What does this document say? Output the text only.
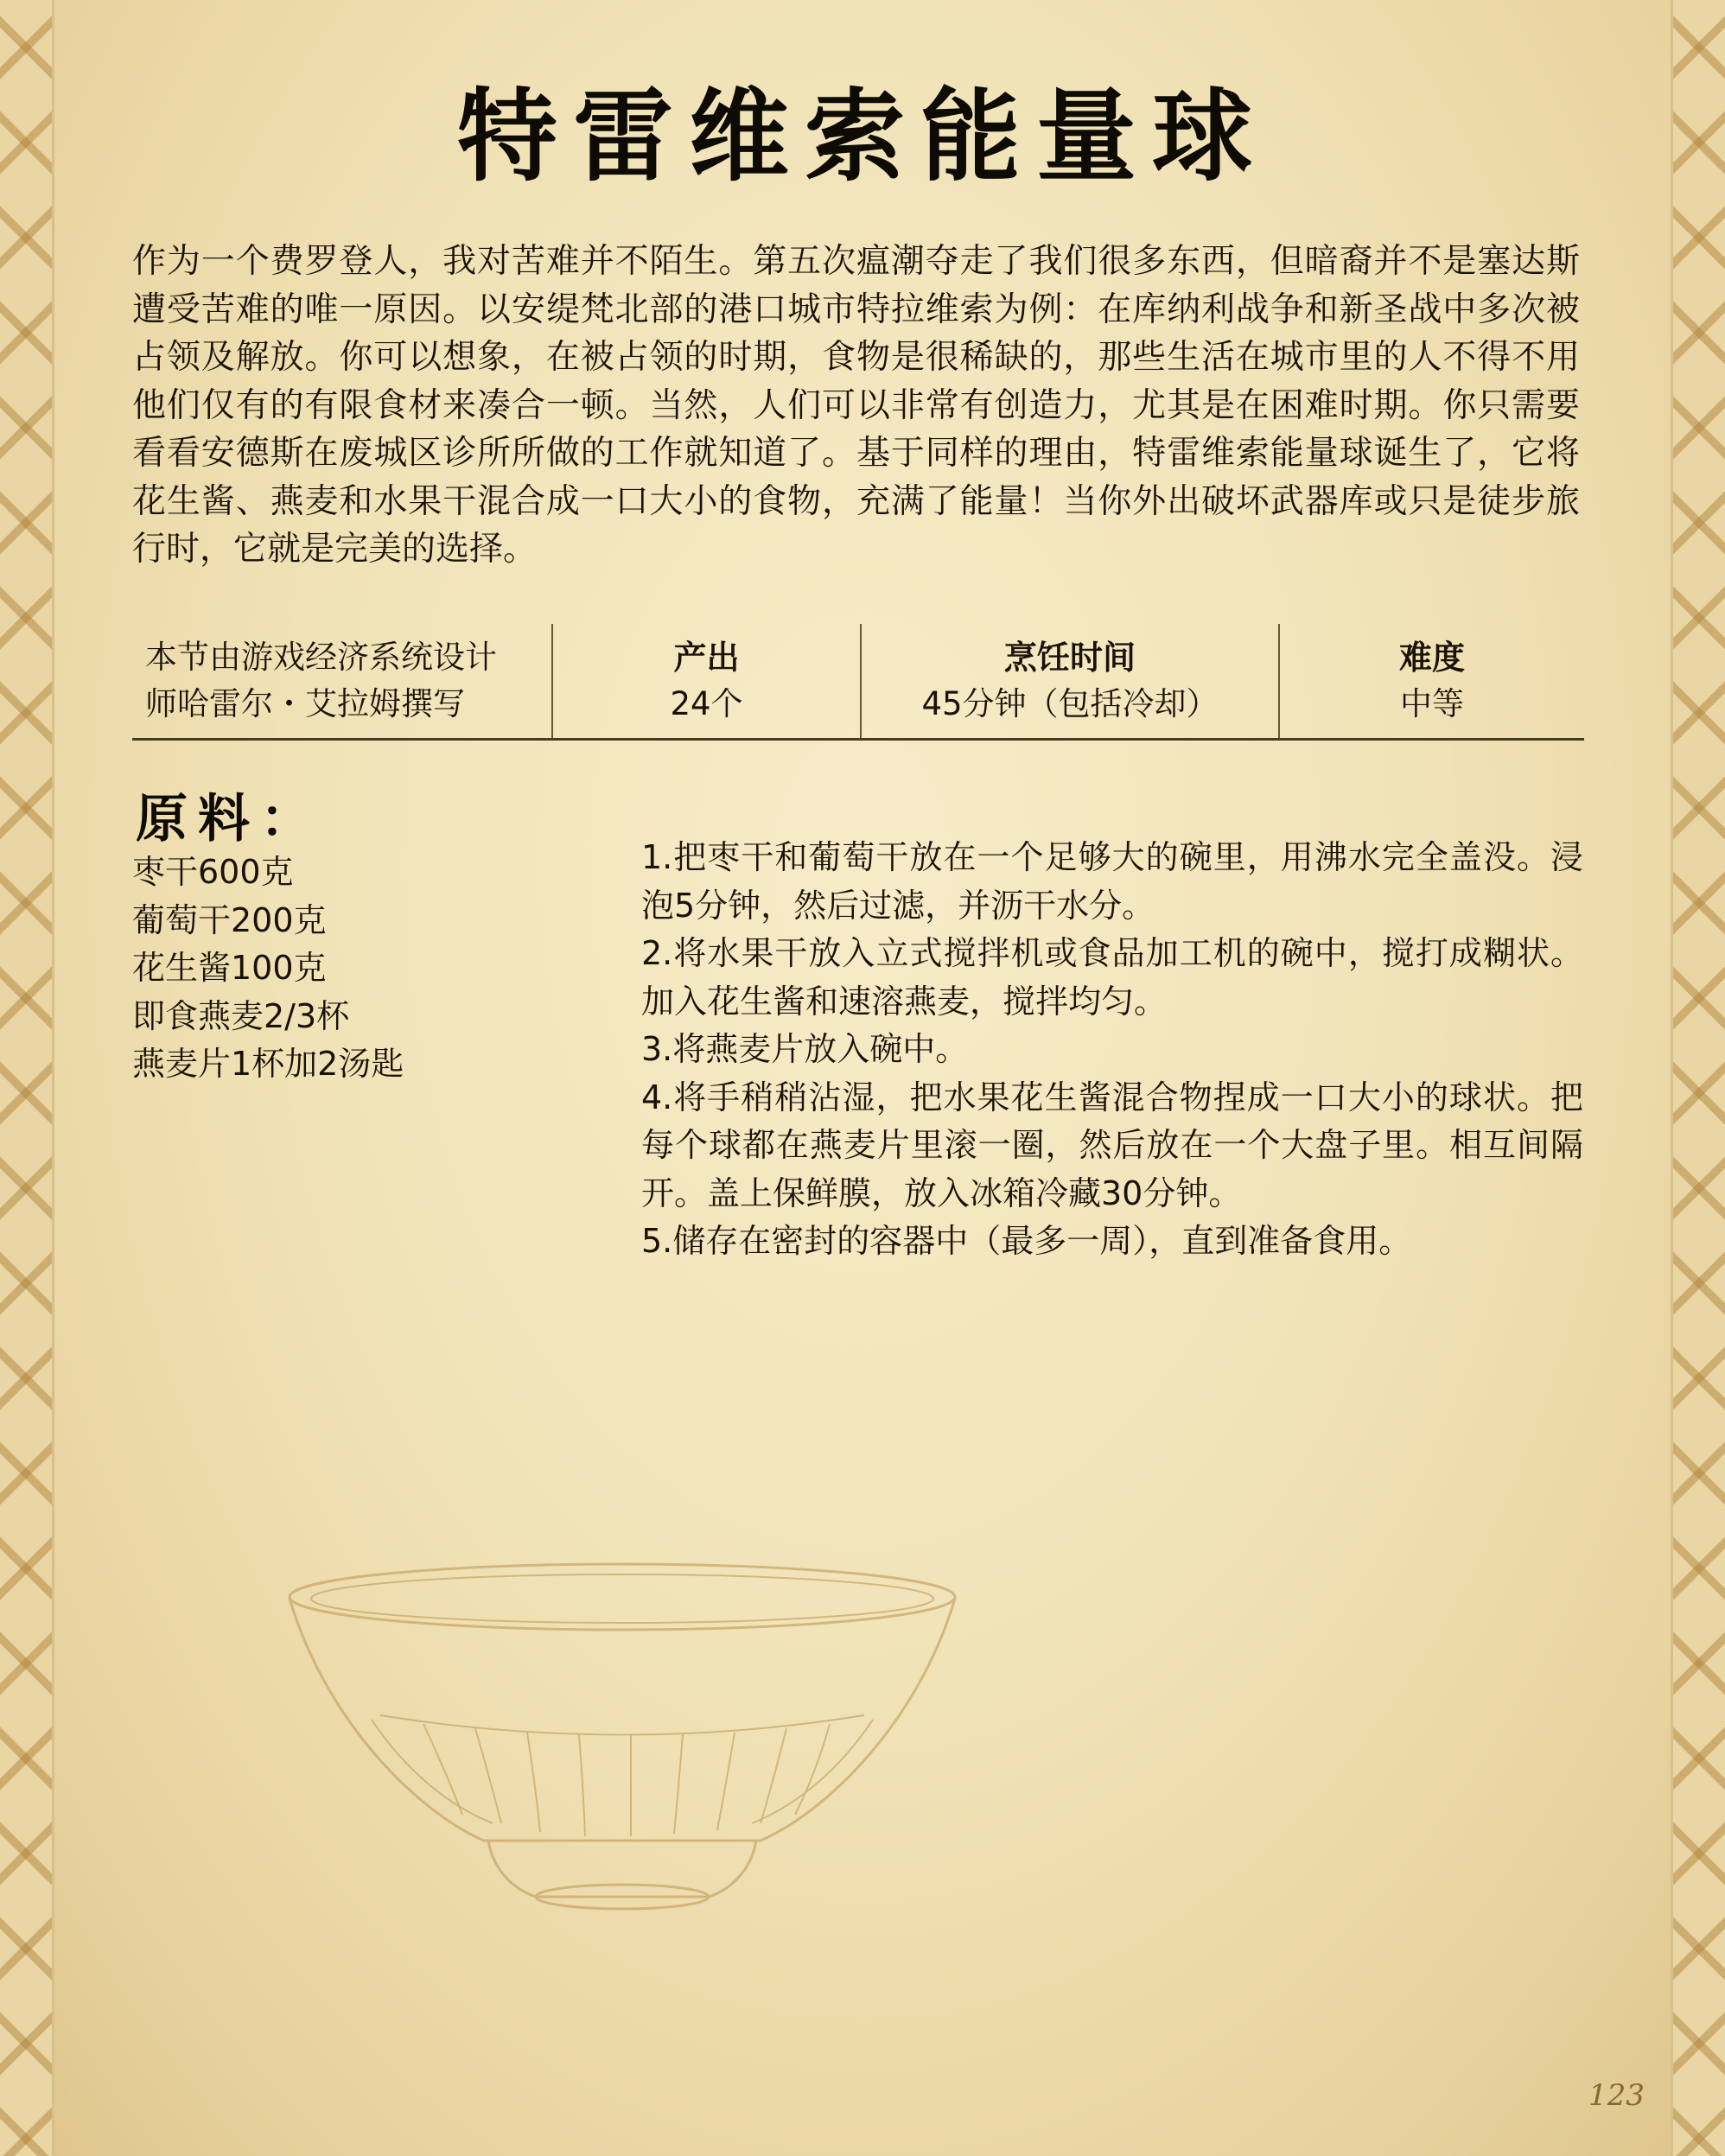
特雷维索能量球

作为一个费罗登人，我对苦难并不陌生。第五次瘟潮夺走了我们很多东西，但暗裔并不是塞达斯遭受苦难的唯一原因。以安缇梵北部的港口城市特拉维索为例：在库纳利战争和新圣战中多次被占领及解放。你可以想象，在被占领的时期，食物是很稀缺的，那些生活在城市里的人不得不用他们仅有的有限食材来凑合一顿。当然，人们可以非常有创造力，尤其是在困难时期。你只需要看看安德斯在废城区诊所所做的工作就知道了。基于同样的理由，特雷维索能量球诞生了，它将花生酱、燕麦和水果干混合成一口大小的食物，充满了能量！当你外出破坏武器库或只是徒步旅行时，它就是完美的选择。

本节由游戏经济系统设计
师哈雷尔・艾拉姆撰写
产出
24个
烹饪时间
45分钟（包括冷却）
难度
中等
原料：
枣干600克
葡萄干200克
花生酱100克
即食燕麦2/3杯
燕麦片1杯加2汤匙
1.把枣干和葡萄干放在一个足够大的碗里，用沸水完全盖没。浸泡5分钟，然后过滤，并沥干水分。
2.将水果干放入立式搅拌机或食品加工机的碗中，搅打成糊状。加入花生酱和速溶燕麦，搅拌均匀。
3.将燕麦片放入碗中。
4.将手稍稍沾湿，把水果花生酱混合物捏成一口大小的球状。把每个球都在燕麦片里滚一圈，然后放在一个大盘子里。相互间隔开。盖上保鲜膜，放入冰箱冷藏30分钟。
5.储存在密封的容器中（最多一周），直到准备食用。
123
